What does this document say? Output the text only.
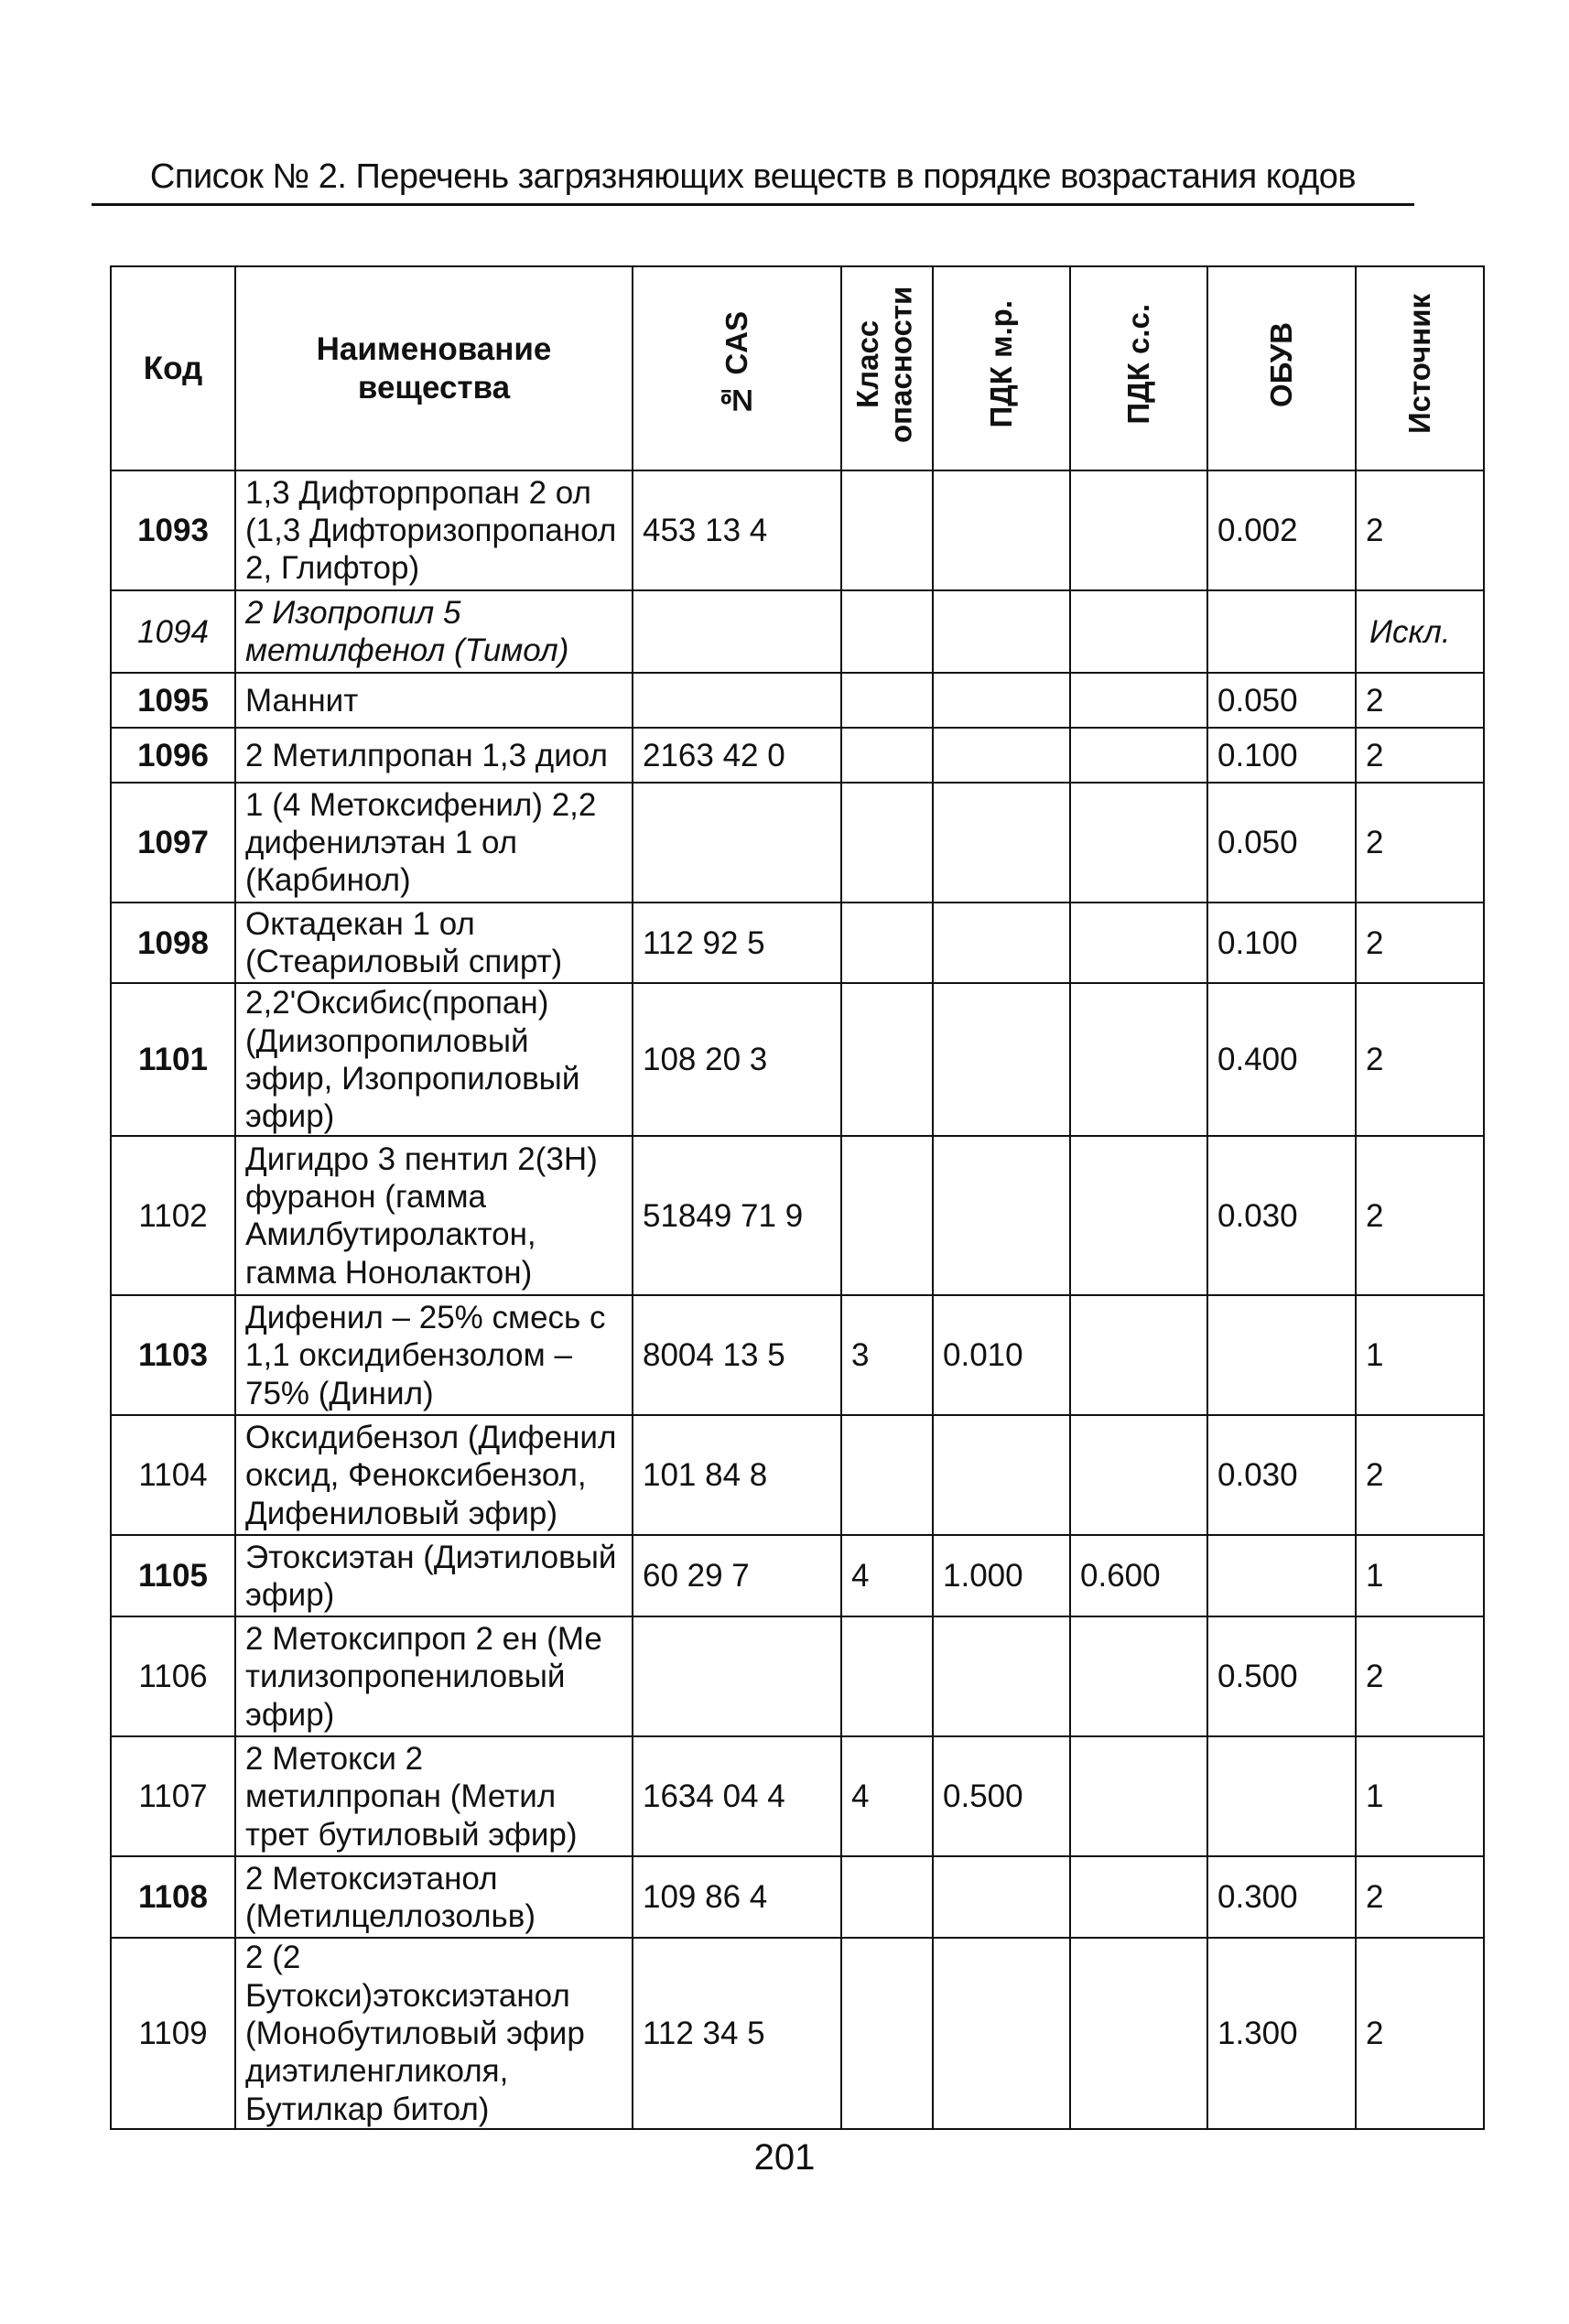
Список № 2. Перечень загрязняющих веществ в порядке возрастания кодов
Код	Наименование вещества	№ CAS	Класс опасности	ПДК м.р.	ПДК с.с.	ОБУВ	Источник
1093	1,3 Дифторпропан 2 ол (1,3 Дифторизопропанол 2, Глифтор)	453 13 4				0.002	2
1094	2 Изопропил 5 метилфенол (Тимол)						Искл.
1095	Маннит					0.050	2
1096	2 Метилпропан 1,3 диол	2163 42 0				0.100	2
1097	1 (4 Метоксифенил) 2,2 дифенилэтан 1 ол (Карбинол)					0.050	2
1098	Октадекан 1 ол (Стеариловый спирт)	112 92 5				0.100	2
1101	2,2'Оксибис(пропан) (Диизопропиловый эфир, Изопропиловый эфир)	108 20 3				0.400	2
1102	Дигидро 3 пентил 2(3Н) фуранон (гамма Амилбутиролактон, гамма Нонолактон)	51849 71 9				0.030	2
1103	Дифенил – 25% смесь с 1,1 оксидибензолом – 75% (Динил)	8004 13 5	3	0.010			1
1104	Оксидибензол (Дифенил оксид, Феноксибензол, Дифениловый эфир)	101 84 8				0.030	2
1105	Этоксиэтан (Диэтиловый эфир)	60 29 7	4	1.000	0.600		1
1106	2 Метоксипроп 2 ен (Ме тилизопропениловый эфир)					0.500	2
1107	2 Метокси 2 метилпропан (Метил трет бутиловый эфир)	1634 04 4	4	0.500			1
1108	2 Метоксиэтанол (Метилцеллозольв)	109 86 4				0.300	2
1109	2 (2 Бутокси)этоксиэтанол (Монобутиловый эфир диэтиленгликоля, Бутилкар битол)	112 34 5				1.300	2
201
